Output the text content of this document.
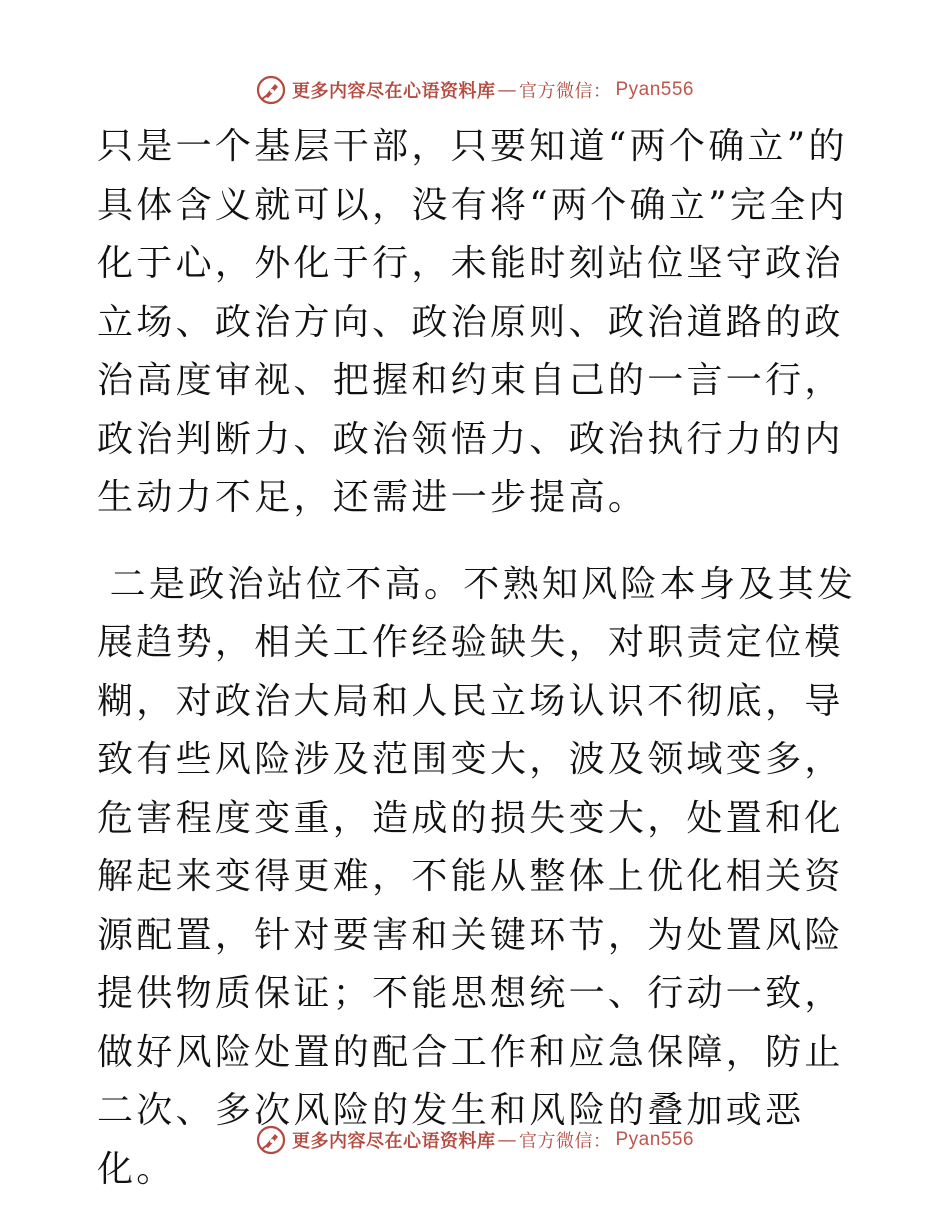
更多内容尽在心语资料库 — 官方微信： Pyan556

只是一个基层干部，只要知道“两个确立”的具体含义就可以，没有将“两个确立”完全内化于心，外化于行，未能时刻站位坚守政治立场、政治方向、政治原则、政治道路的政治高度审视、把握和约束自己的一言一行，政治判断力、政治领悟力、政治执行力的内生动力不足，还需进一步提高。

二是政治站位不高。不熟知风险本身及其发展趋势，相关工作经验缺失，对职责定位模糊，对政治大局和人民立场认识不彻底，导致有些风险涉及范围变大，波及领域变多，危害程度变重，造成的损失变大，处置和化解起来变得更难，不能从整体上优化相关资源配置，针对要害和关键环节，为处置风险提供物质保证；不能思想统一、行动一致，做好风险处置的配合工作和应急保障，防止二次、多次风险的发生和风险的叠加或恶化。

更多内容尽在心语资料库 — 官方微信： Pyan556
